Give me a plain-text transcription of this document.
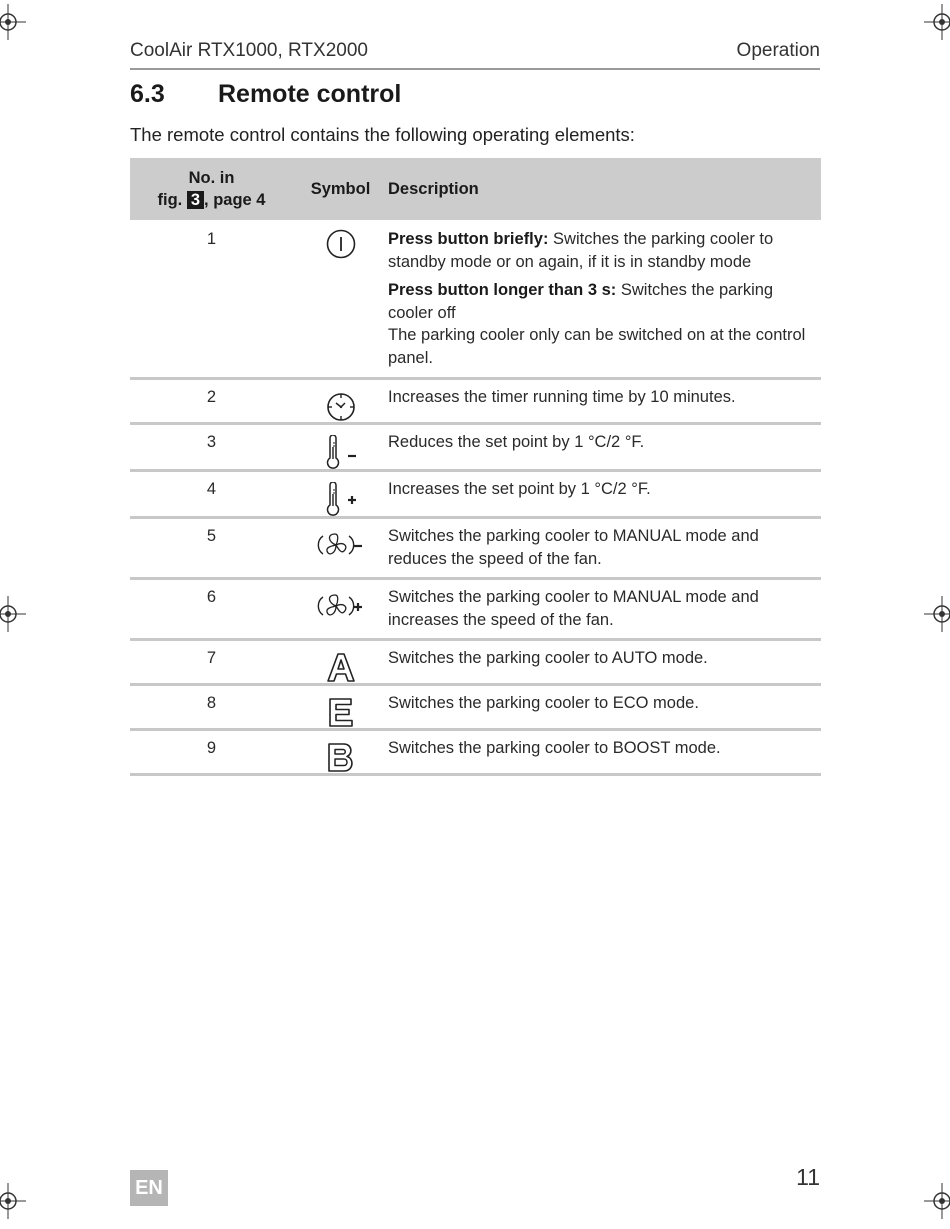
CoolAir RTX1000, RTX2000	Operation
6.3 Remote control
The remote control contains the following operating elements:
No. in
fig. 3 , page 4	Symbol	Description
1		Press button briefly: Switches the parking cooler to standby mode or on again, if it is in standby mode

Press button longer than 3 s: Switches the parking cooler off

The parking cooler only can be switched on at the control panel.

2		Increases the timer running time by 10 minutes.
3		Reduces the set point by 1 °C/2 °F.
4		Increases the set point by 1 °C/2 °F.
5		Switches the parking cooler to MANUAL mode and reduces the speed of the fan.
6		Switches the parking cooler to MANUAL mode and increases the speed of the fan.
7		Switches the parking cooler to AUTO mode.
8		Switches the parking cooler to ECO mode.
9		Switches the parking cooler to BOOST mode.
EN	11
